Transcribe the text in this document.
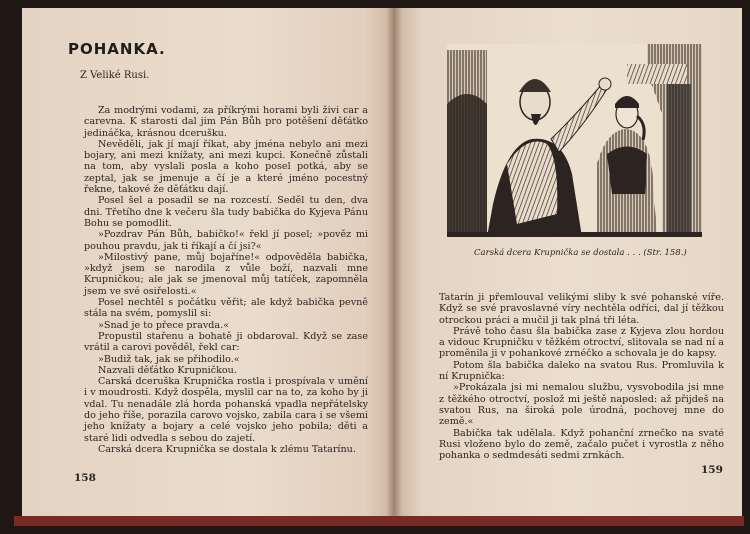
POHANKA.
Z Veliké Rusi.

Za modrými vodami, za příkrými horami byli živi car a carevna. K starosti dal jim Pán Bůh pro potěšení děťátko jedináčka, krásnou dcerušku.

Nevěděli, jak jí mají říkat, aby jména nebylo ani mezi bojary, ani mezi knížaty, ani mezi kupci. Konečně zůstali na tom, aby vyslali posla a koho posel potká, aby se zeptal, jak se jmenuje a čí je a které jméno pocestný řekne, takové že děťátku dají.

Posel šel a posadil se na rozcestí. Seděl tu den, dva dni. Třetího dne k večeru šla tudy babička do Kyjeva Pánu Bohu se pomodlit.

»Pozdrav Pán Bůh, babičko!« řekl jí posel; »pověz mi pouhou pravdu, jak ti říkají a čí jsi?«

»Milostivý pane, můj bojaříne!« odpověděla babička, »když jsem se narodila z vůle boží, nazvali mne Krupničkou; ale jak se jmenoval můj tatíček, zapomněla jsem ve své osiřelosti.«

Posel nechtěl s počátku věřit; ale když babička pevně stála na svém, pomyslil si:

»Snad je to přece pravda.«

Propustil stařenu a bohatě ji obdaroval. Když se zase vrátil a carovi pověděl, řekl car:

»Budiž tak, jak se přihodilo.«

Nazvali děťátko Krupničkou.

Carská dceruška Krupnička rostla i prospívala v umění i v moudrosti. Když dospěla, myslil car na to, za koho by ji vdal. Tu nenadále zlá horda pohanská vpadla nepřátelsky do jeho říše, porazila carovo vojsko, zabila cara i se všemi jeho knížaty a bojary a celé vojsko jeho pobila; děti a staré lidi odvedla s sebou do zajetí.

Carská dcera Krupnička se dostala k zlému Tatarínu.

158
Carská dcera Krupnička se dostala . . . (Str. 158.)

Tatarín ji přemlouval velikými sliby k své pohanské víře. Když se své pravoslavné víry nechtěla odříci, dal jí těžkou otrockou práci a mučil ji tak plná tři léta.

Právě toho času šla babička zase z Kyjeva zlou hordou a vidouc Krupničku v těžkém otroctví, slitovala se nad ní a proměnila ji v pohankové zrnéčko a schovala je do kapsy.

Potom šla babička daleko na svatou Rus. Promluvila k ní Krupnička:

»Prokázala jsi mi nemalou službu, vysvobodila jsi mne z těžkého otroctví, poslož mi ještě naposled: až přijdeš na svatou Rus, na široká pole úrodná, pochovej mne do země.«

Babička tak udělala. Když pohanční zrnečko na svaté Rusi vloženo bylo do země, začalo pučet i vyrostla z něho pohanka o sedmdesáti sedmi zrnkách.

159
